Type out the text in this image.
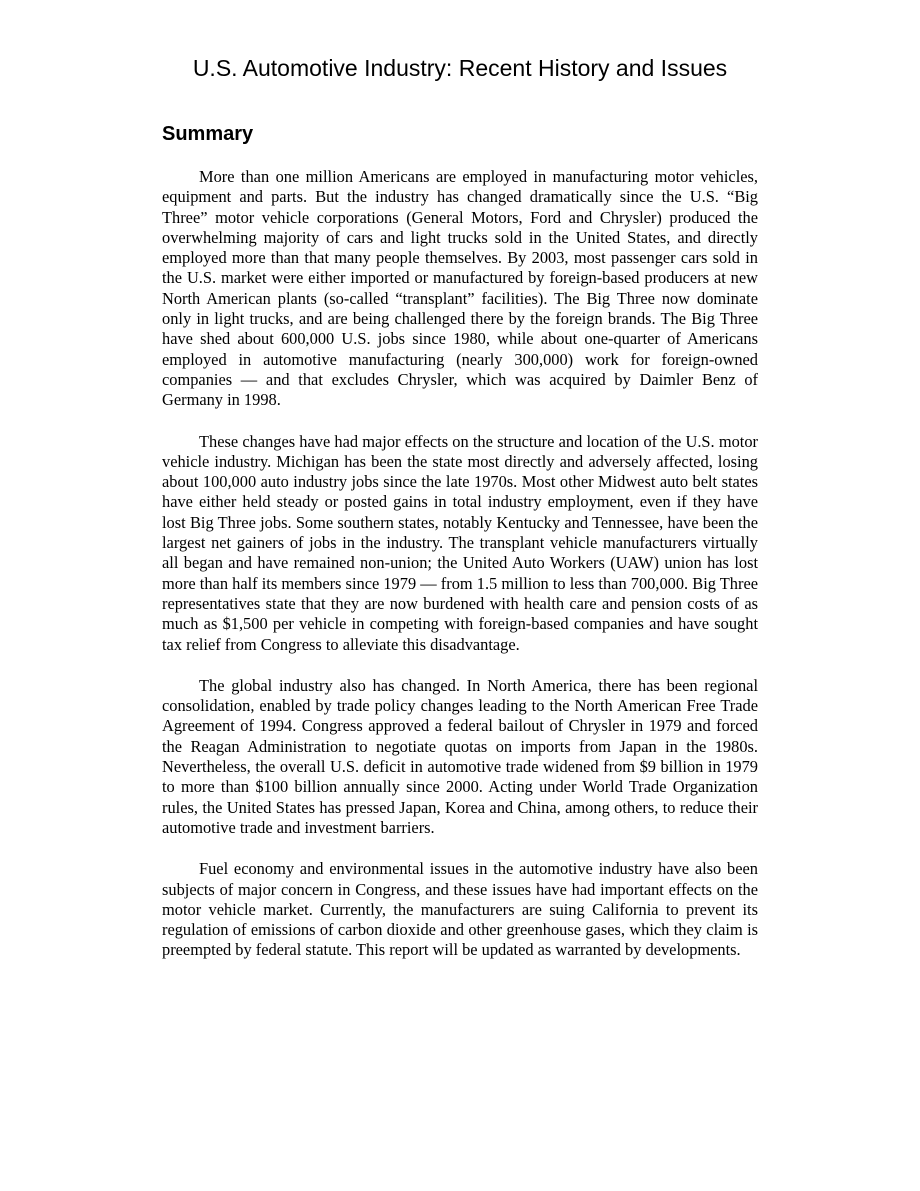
U.S. Automotive Industry: Recent History and Issues
Summary

More than one million Americans are employed in manufacturing motor vehicles, equipment and parts. But the industry has changed dramatically since the U.S. “Big Three” motor vehicle corporations (General Motors, Ford and Chrysler) produced the overwhelming majority of cars and light trucks sold in the United States, and directly employed more than that many people themselves. By 2003, most passenger cars sold in the U.S. market were either imported or manufactured by foreign-based producers at new North American plants (so-called “transplant” facilities). The Big Three now dominate only in light trucks, and are being challenged there by the foreign brands. The Big Three have shed about 600,000 U.S. jobs since 1980, while about one-quarter of Americans employed in automotive manufacturing (nearly 300,000) work for foreign-owned companies — and that excludes Chrysler, which was acquired by Daimler Benz of Germany in 1998.

These changes have had major effects on the structure and location of the U.S. motor vehicle industry. Michigan has been the state most directly and adversely affected, losing about 100,000 auto industry jobs since the late 1970s. Most other Midwest auto belt states have either held steady or posted gains in total industry employment, even if they have lost Big Three jobs. Some southern states, notably Kentucky and Tennessee, have been the largest net gainers of jobs in the industry. The transplant vehicle manufacturers virtually all began and have remained non-union; the United Auto Workers (UAW) union has lost more than half its members since 1979 — from 1.5 million to less than 700,000. Big Three representatives state that they are now burdened with health care and pension costs of as much as $1,500 per vehicle in competing with foreign-based companies and have sought tax relief from Congress to alleviate this disadvantage.

The global industry also has changed. In North America, there has been regional consolidation, enabled by trade policy changes leading to the North American Free Trade Agreement of 1994. Congress approved a federal bailout of Chrysler in 1979 and forced the Reagan Administration to negotiate quotas on imports from Japan in the 1980s. Nevertheless, the overall U.S. deficit in automotive trade widened from $9 billion in 1979 to more than $100 billion annually since 2000. Acting under World Trade Organization rules, the United States has pressed Japan, Korea and China, among others, to reduce their automotive trade and investment barriers.

Fuel economy and environmental issues in the automotive industry have also been subjects of major concern in Congress, and these issues have had important effects on the motor vehicle market. Currently, the manufacturers are suing California to prevent its regulation of emissions of carbon dioxide and other greenhouse gases, which they claim is preempted by federal statute. This report will be updated as warranted by developments.
